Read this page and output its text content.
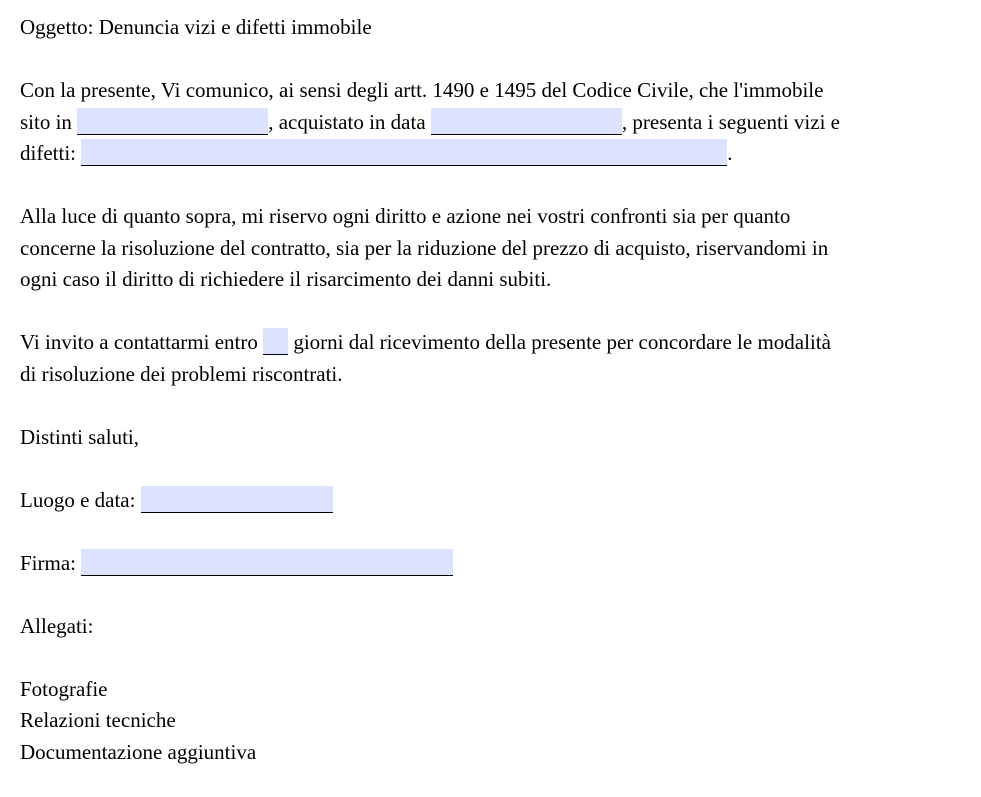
Oggetto: Denuncia vizi e difetti immobile

Con la presente, Vi comunico, ai sensi degli artt. 1490 e 1495 del Codice Civile, che l'immobile

sito in	, acquistato in data	, presenta i seguenti vizi e

difetti:	.

Alla luce di quanto sopra, mi riservo ogni diritto e azione nei vostri confronti sia per quanto

concerne la risoluzione del contratto, sia per la riduzione del prezzo di acquisto, riservandomi in

ogni caso il diritto di richiedere il risarcimento dei danni subiti.

Vi invito a contattarmi entro giorni dal ricevimento della presente per concordare le modalità

di risoluzione dei problemi riscontrati.

Distinti saluti,

Luogo e data:

Firma:

Allegati:

Fotografie

Relazioni tecniche

Documentazione aggiuntiva
